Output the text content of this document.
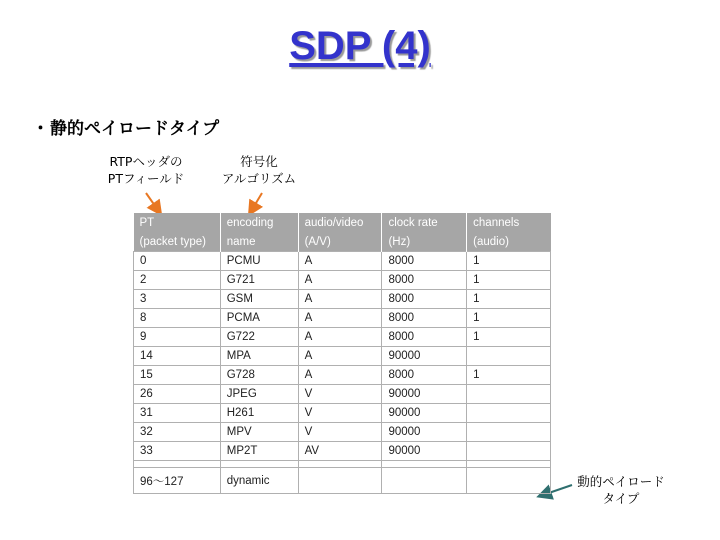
SDP (4)
・静的ペイロードタイプ
RTPヘッダの
PTフィールド
符号化
アルゴリズム
動的ペイロード
タイプ
PT	encoding	audio/video	clock rate	channels
(packet type)	name	(A/V)	(Hz)	(audio)
0	PCMU	A	8000	1
2	G721	A	8000	1
3	GSM	A	8000	1
8	PCMA	A	8000	1
9	G722	A	8000	1
14	MPA	A	90000	
15	G728	A	8000	1
26	JPEG	V	90000	
31	H261	V	90000	
32	MPV	V	90000	
33	MP2T	AV	90000	

96～127	dynamic			
